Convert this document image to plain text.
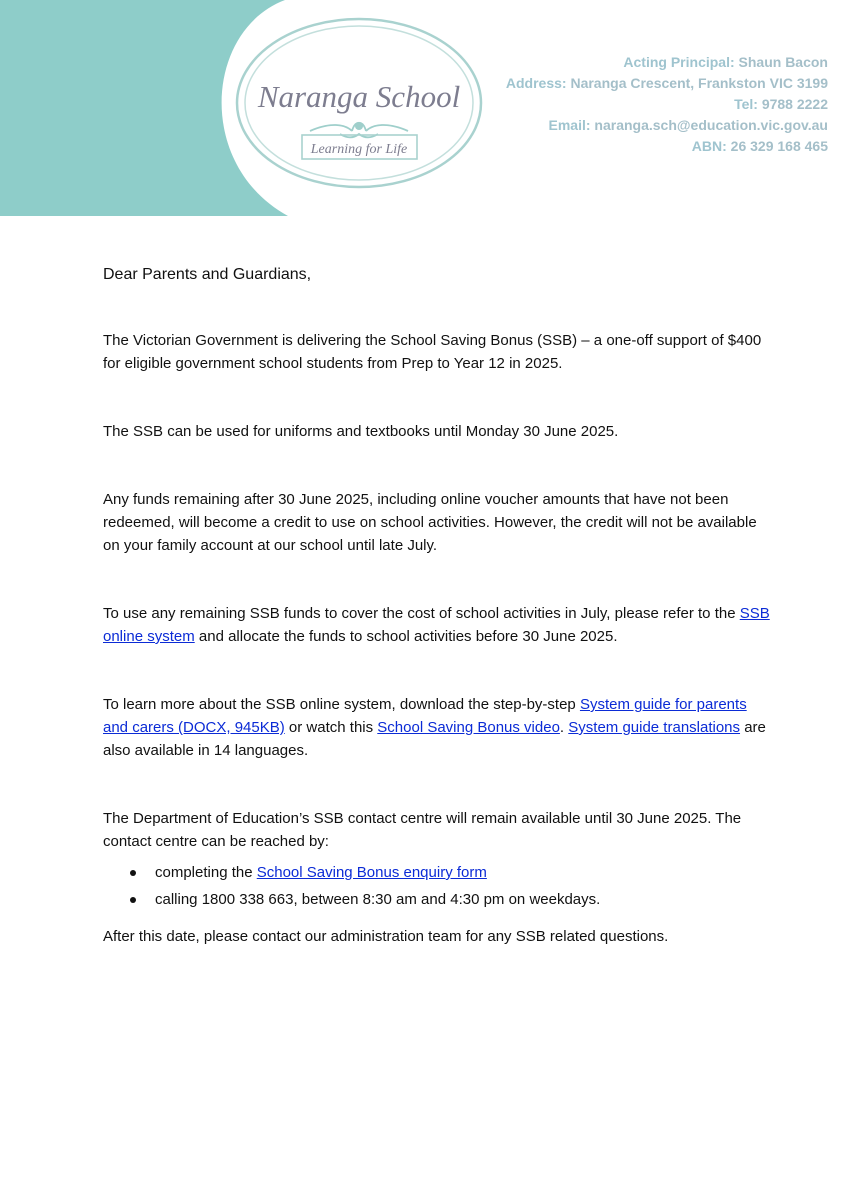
Naranga School
Learning for Life
Acting Principal: Shaun Bacon
Address: Naranga Crescent, Frankston VIC 3199
Tel: 9788 2222
Email: naranga.sch@education.vic.gov.au
ABN: 26 329 168 465

Dear Parents and Guardians,

The Victorian Government is delivering the School Saving Bonus (SSB) – a one-off support of $400 for eligible government school students from Prep to Year 12 in 2025.

The SSB can be used for uniforms and textbooks until Monday 30 June 2025.

Any funds remaining after 30 June 2025, including online voucher amounts that have not been redeemed, will become a credit to use on school activities. However, the credit will not be available on your family account at our school until late July.

To use any remaining SSB funds to cover the cost of school activities in July, please refer to the SSB online system and allocate the funds to school activities before 30 June 2025.

To learn more about the SSB online system, download the step-by-step System guide for parents and carers (DOCX, 945KB) or watch this School Saving Bonus video. System guide translations are also available in 14 languages.

The Department of Education’s SSB contact centre will remain available until 30 June 2025. The contact centre can be reached by:

completing the School Saving Bonus enquiry form
calling 1800 338 663, between 8:30 am and 4:30 pm on weekdays.

After this date, please contact our administration team for any SSB related questions.
